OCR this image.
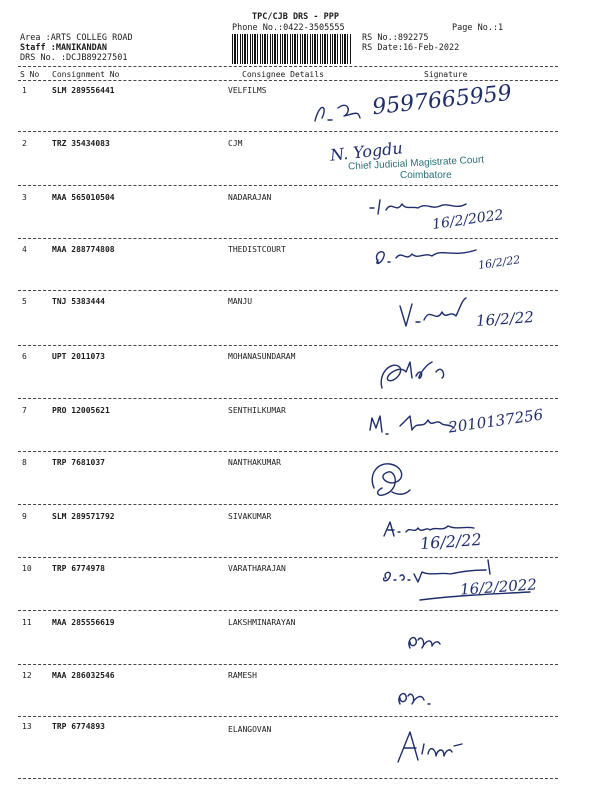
TPC/CJB DRS - PPP
Phone No.:0422-3505555	Page No.:1
Area :ARTS COLLEG ROAD
Staff :MANIKANDAN
DRS No. :DCJB89227501
RS No.:892275
RS Date:16-Feb-2022
S No Consignment No	Consignee Details	Signature
1	SLM 289556441	VELFILMS	9597665959
2	TRZ 35434083	CJM	N. Yogdu
Chief Judicial Magistrate Court
Coimbatore
3	MAA 565010504	NADARAJAN
16/2/2022
4	MAA 288774808	THEDISTCOURT
16/2/22
5	TNJ 5383444	MANJU
16/2/22
6	UPT 2011073	MOHANASUNDARAM
7	PRO 12005621	SENTHILKUMAR	2010137256
8	TRP 7681037	NANTHAKUMAR
9	SLM 289571792	SIVAKUMAR
16/2/22
10	TRP 6774978	VARATHARAJAN
16/2/2022
11	MAA 285556619	LAKSHMINARAYAN
12	MAA 286032546	RAMESH
13	TRP 6774893	ELANGOVAN
